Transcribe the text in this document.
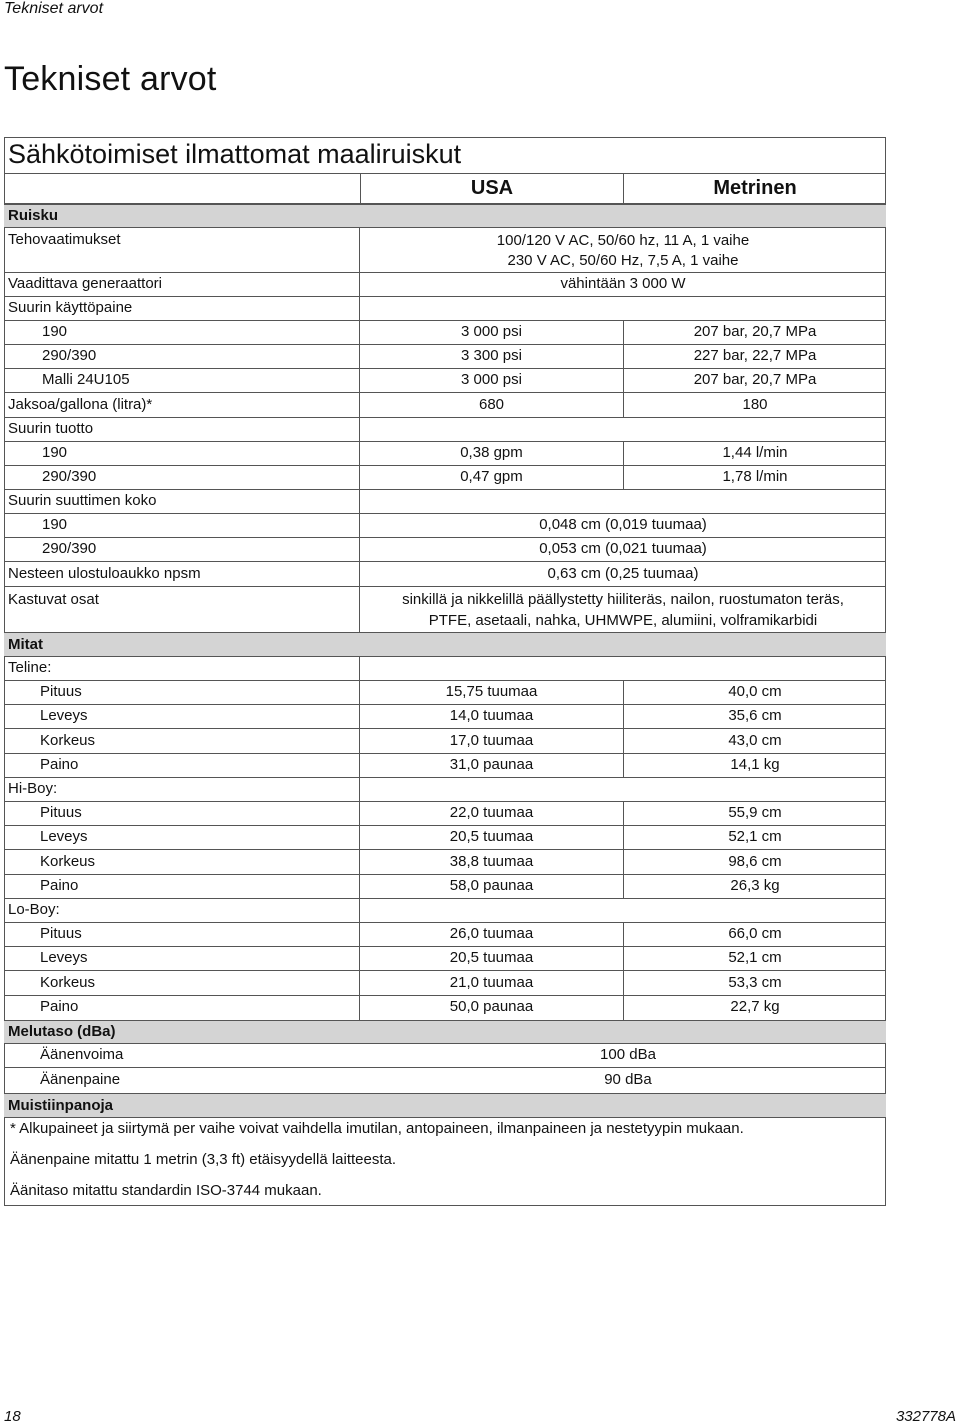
Tekniset arvot
Tekniset arvot
Sähkötoimiset ilmattomat maaliruiskut
USA	Metrinen
Ruisku
Tehovaatimukset	100/120 V AC, 50/60 hz, 11 A, 1 vaihe
230 V AC, 50/60 Hz, 7,5 A, 1 vaihe
Vaadittava generaattori	vähintään 3 000 W
Suurin käyttöpaine
190	3 000 psi	207 bar, 20,7 MPa
290/390	3 300 psi	227 bar, 22,7 MPa
Malli 24U105	3 000 psi	207 bar, 20,7 MPa
Jaksoa/gallona (litra)*	680	180
Suurin tuotto
190	0,38 gpm	1,44 l/min
290/390	0,47 gpm	1,78 l/min
Suurin suuttimen koko
190	0,048 cm (0,019 tuumaa)
290/390	0,053 cm (0,021 tuumaa)
Nesteen ulostuloaukko npsm	0,63 cm (0,25 tuumaa)
Kastuvat osat	sinkillä ja nikkelillä päällystetty hiiliteräs, nailon, ruostumaton teräs,
PTFE, asetaali, nahka, UHMWPE, alumiini, volframikarbidi
Mitat
Teline:
Pituus	15,75 tuumaa	40,0 cm
Leveys	14,0 tuumaa	35,6 cm
Korkeus	17,0 tuumaa	43,0 cm
Paino	31,0 paunaa	14,1 kg
Hi-Boy:
Pituus	22,0 tuumaa	55,9 cm
Leveys	20,5 tuumaa	52,1 cm
Korkeus	38,8 tuumaa	98,6 cm
Paino	58,0 paunaa	26,3 kg
Lo-Boy:
Pituus	26,0 tuumaa	66,0 cm
Leveys	20,5 tuumaa	52,1 cm
Korkeus	21,0 tuumaa	53,3 cm
Paino	50,0 paunaa	22,7 kg
Melutaso (dBa)
Äänenvoima	100 dBa
Äänenpaine	90 dBa
Muistiinpanoja
* Alkupaineet ja siirtymä per vaihe voivat vaihdella imutilan, antopaineen, ilmanpaineen ja nestetyypin mukaan.
Äänenpaine mitattu 1 metrin (3,3 ft) etäisyydellä laitteesta.
Äänitaso mitattu standardin ISO-3744 mukaan.
18	332778A
